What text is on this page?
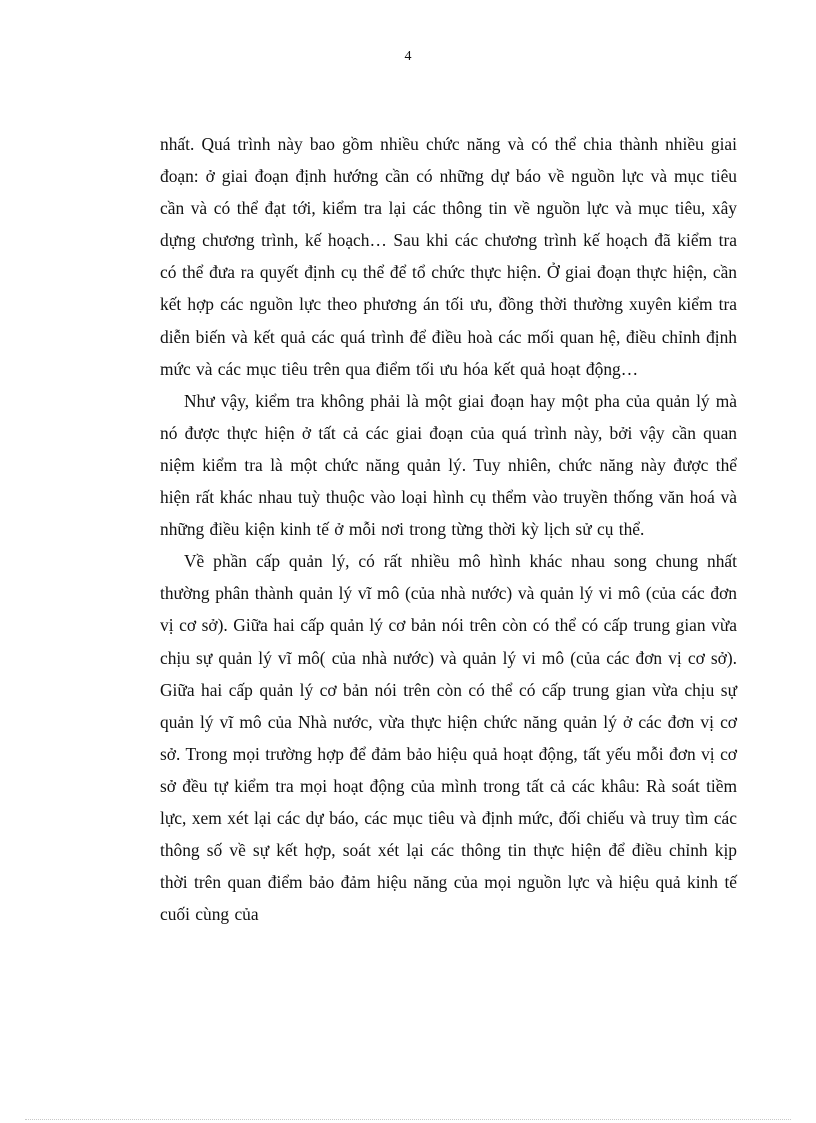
4

nhất. Quá trình này bao gồm nhiều chức năng và có thể chia thành nhiều giai đoạn: ở giai đoạn định hướng cần có những dự báo về nguồn lực và mục tiêu cần và có thể đạt tới, kiểm tra lại các thông tin về nguồn lực và mục tiêu, xây dựng chương trình, kế hoạch… Sau khi các chương trình kế hoạch đã kiểm tra có thể đưa ra quyết định cụ thể để tổ chức thực hiện. Ở giai đoạn thực hiện, cần kết hợp các nguồn lực theo phương án tối ưu, đồng thời thường xuyên kiểm tra diễn biến và kết quả các quá trình để điều hoà các mối quan hệ, điều chỉnh định mức và các mục tiêu trên qua điểm tối ưu hóa kết quả hoạt động…

Như vậy, kiểm tra không phải là một giai đoạn hay một pha của quản lý mà nó được thực hiện ở tất cả các giai đoạn của quá trình này, bởi vậy cần quan niệm kiểm tra là một chức năng quản lý. Tuy nhiên, chức năng này được thể hiện rất khác nhau tuỳ thuộc vào loại hình cụ thểm vào truyền thống văn hoá và những điều kiện kinh tế ở mỗi nơi trong từng thời kỳ lịch sử cụ thể.

Về phần cấp quản lý, có rất nhiều mô hình khác nhau song chung nhất thường phân thành quản lý vĩ mô (của nhà nước) và quản lý vi mô (của các đơn vị cơ sở). Giữa hai cấp quản lý cơ bản nói trên còn có thể có cấp trung gian vừa chịu sự quản lý vĩ mô( của nhà nước) và quản lý vi mô (của các đơn vị cơ sở). Giữa hai cấp quản lý cơ bản nói trên còn có thể có cấp trung gian vừa chịu sự quản lý vĩ mô của Nhà nước, vừa thực hiện chức năng quản lý ở các đơn vị cơ sở. Trong mọi trường hợp để đảm bảo hiệu quả hoạt động, tất yếu mỗi đơn vị cơ sở đều tự kiểm tra mọi hoạt động của mình trong tất cả các khâu: Rà soát tiềm lực, xem xét lại các dự báo, các mục tiêu và định mức, đối chiếu và truy tìm các thông số về sự kết hợp, soát xét lại các thông tin thực hiện để điều chỉnh kịp thời trên quan điểm bảo đảm hiệu năng của mọi nguồn lực và hiệu quả kinh tế cuối cùng của
